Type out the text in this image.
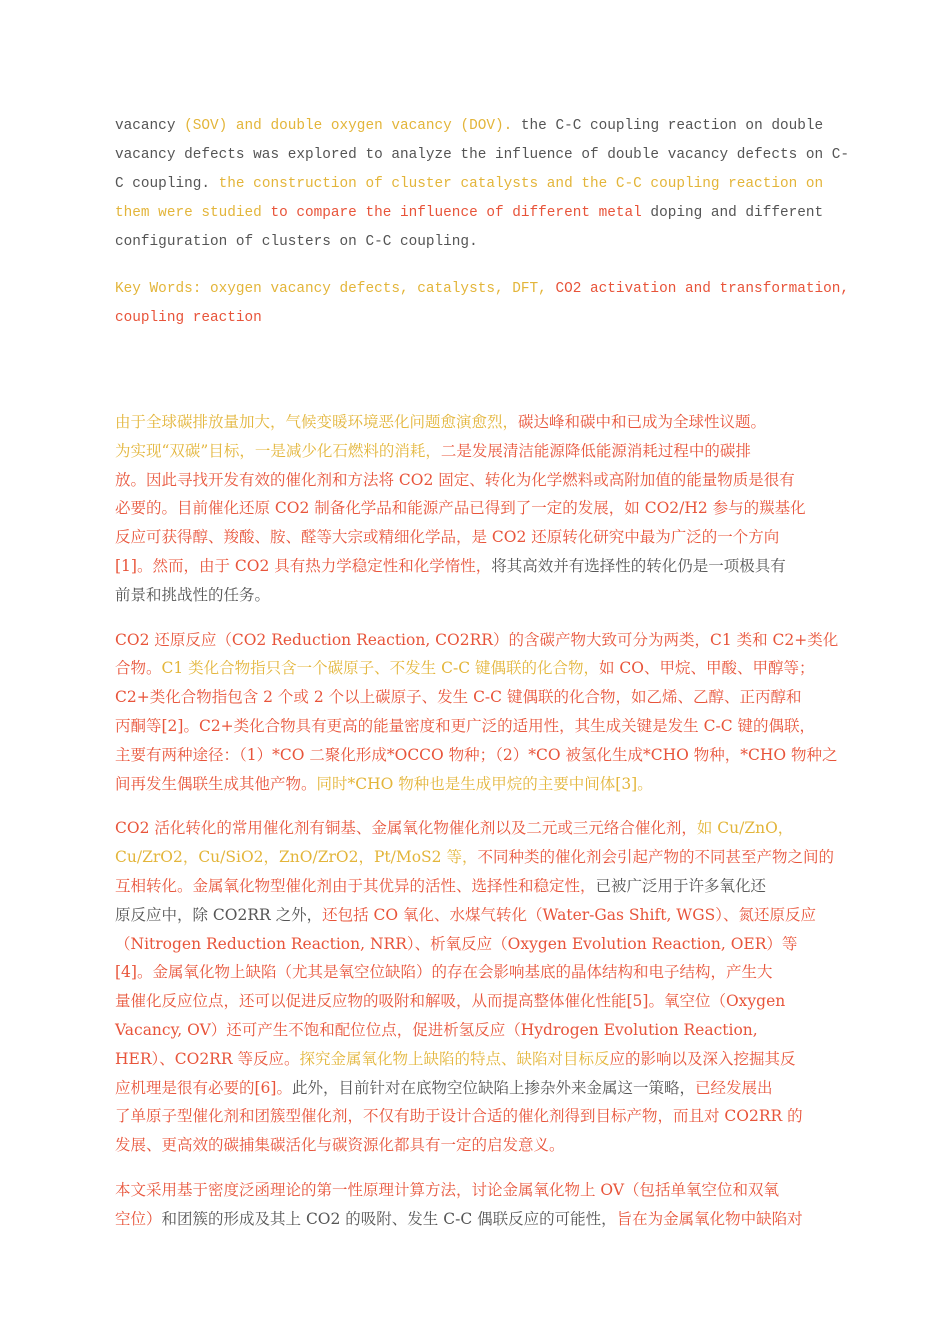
vacancy (SOV) and double oxygen vacancy (DOV). the C-C coupling reaction on double
vacancy defects was explored to analyze the influence of double vacancy defects on C-
C coupling. the construction of cluster catalysts and the C-C coupling reaction on
them were studied to compare the influence of different metal doping and different
configuration of clusters on C-C coupling.
Key Words: oxygen vacancy defects, catalysts, DFT, CO2 activation and transformation,
coupling reaction
由于全球碳排放量加大，气候变暖环境恶化问题愈演愈烈，碳达峰和碳中和已成为全球性议题。
为实现“双碳”目标，一是减少化石燃料的消耗，二是发展清洁能源降低能源消耗过程中的碳排
放。因此寻找开发有效的催化剂和方法将 CO2 固定、转化为化学燃料或高附加值的能量物质是很有
必要的。目前催化还原 CO2 制备化学品和能源产品已得到了一定的发展，如 CO2/H2 参与的羰基化
反应可获得醇、羧酸、胺、醛等大宗或精细化学品，是 CO2 还原转化研究中最为广泛的一个方向
[1]。然而，由于 CO2 具有热力学稳定性和化学惰性，将其高效并有选择性的转化仍是一项极具有
前景和挑战性的任务。
CO2 还原反应（CO2 Reduction Reaction, CO2RR）的含碳产物大致可分为两类，C1 类和 C2+类化
合物。C1 类化合物指只含一个碳原子、不发生 C-C 键偶联的化合物，如 CO、甲烷、甲酸、甲醇等；
C2+类化合物指包含 2 个或 2 个以上碳原子、发生 C-C 键偶联的化合物，如乙烯、乙醇、正丙醇和
丙酮等[2]。C2+类化合物具有更高的能量密度和更广泛的适用性，其生成关键是发生 C-C 键的偶联，
主要有两种途径：（1）*CO 二聚化形成*OCCO 物种；（2）*CO 被氢化生成*CHO 物种，*CHO 物种之
间再发生偶联生成其他产物。同时*CHO 物种也是生成甲烷的主要中间体[3]。
CO2 活化转化的常用催化剂有铜基、金属氧化物催化剂以及二元或三元络合催化剂，如 Cu/ZnO，
Cu/ZrO2，Cu/SiO2，ZnO/ZrO2，Pt/MoS2 等，不同种类的催化剂会引起产物的不同甚至产物之间的
互相转化。金属氧化物型催化剂由于其优异的活性、选择性和稳定性，已被广泛用于许多氧化还
原反应中，除 CO2RR 之外，还包括 CO 氧化、水煤气转化（Water-Gas Shift, WGS）、氮还原反应
（Nitrogen Reduction Reaction, NRR）、析氧反应（Oxygen Evolution Reaction, OER）等
[4]。金属氧化物上缺陷（尤其是氧空位缺陷）的存在会影响基底的晶体结构和电子结构，产生大
量催化反应位点，还可以促进反应物的吸附和解吸，从而提高整体催化性能[5]。氧空位（Oxygen
Vacancy, OV）还可产生不饱和配位位点，促进析氢反应（Hydrogen Evolution Reaction,
HER）、CO2RR 等反应。探究金属氧化物上缺陷的特点、缺陷对目标反应的影响以及深入挖掘其反
应机理是很有必要的[6]。此外，目前针对在底物空位缺陷上掺杂外来金属这一策略，已经发展出
了单原子型催化剂和团簇型催化剂，不仅有助于设计合适的催化剂得到目标产物，而且对 CO2RR 的
发展、更高效的碳捕集碳活化与碳资源化都具有一定的启发意义。
本文采用基于密度泛函理论的第一性原理计算方法，讨论金属氧化物上 OV（包括单氧空位和双氧
空位）和团簇的形成及其上 CO2 的吸附、发生 C-C 偶联反应的可能性，旨在为金属氧化物中缺陷对
